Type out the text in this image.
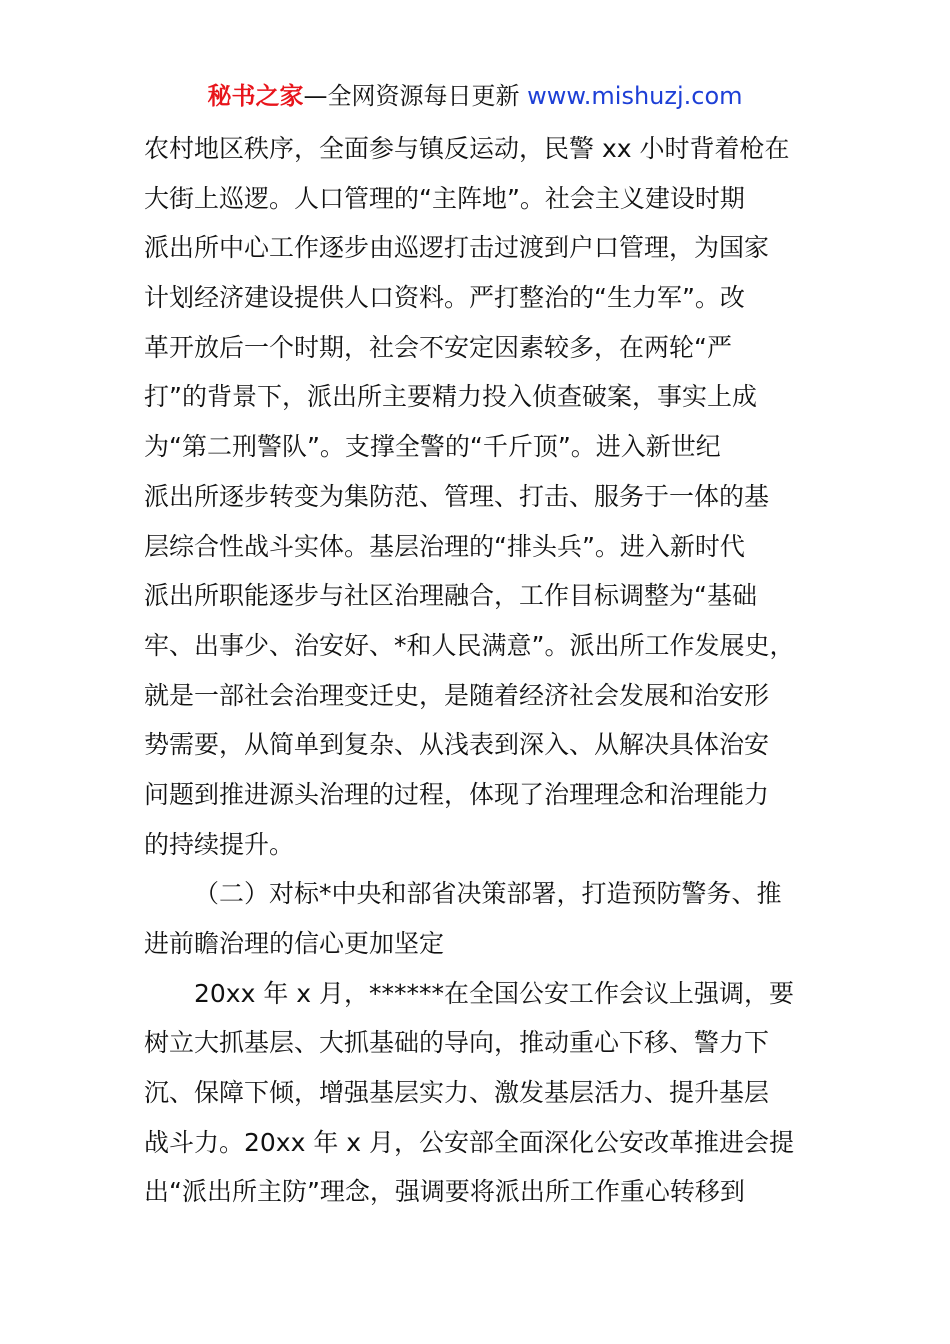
秘书之家—全网资源每日更新 www.mishuzj.com
农村地区秩序，全面参与镇反运动，民警 xx 小时背着枪在
大街上巡逻。人口管理的“主阵地”。社会主义建设时期
派出所中心工作逐步由巡逻打击过渡到户口管理，为国家
计划经济建设提供人口资料。严打整治的“生力军”。改
革开放后一个时期，社会不安定因素较多，在两轮“严
打”的背景下，派出所主要精力投入侦查破案，事实上成
为“第二刑警队”。支撑全警的“千斤顶”。进入新世纪
派出所逐步转变为集防范、管理、打击、服务于一体的基
层综合性战斗实体。基层治理的“排头兵”。进入新时代
派出所职能逐步与社区治理融合，工作目标调整为“基础
牢、出事少、治安好、*和人民满意”。派出所工作发展史，
就是一部社会治理变迁史，是随着经济社会发展和治安形
势需要，从简单到复杂、从浅表到深入、从解决具体治安
问题到推进源头治理的过程，体现了治理理念和治理能力
的持续提升。
（二）对标*中央和部省决策部署，打造预防警务、推
进前瞻治理的信心更加坚定
20xx 年 x 月，******在全国公安工作会议上强调，要
树立大抓基层、大抓基础的导向，推动重心下移、警力下
沉、保障下倾，增强基层实力、激发基层活力、提升基层
战斗力。20xx 年 x 月，公安部全面深化公安改革推进会提
出“派出所主防”理念，强调要将派出所工作重心转移到
